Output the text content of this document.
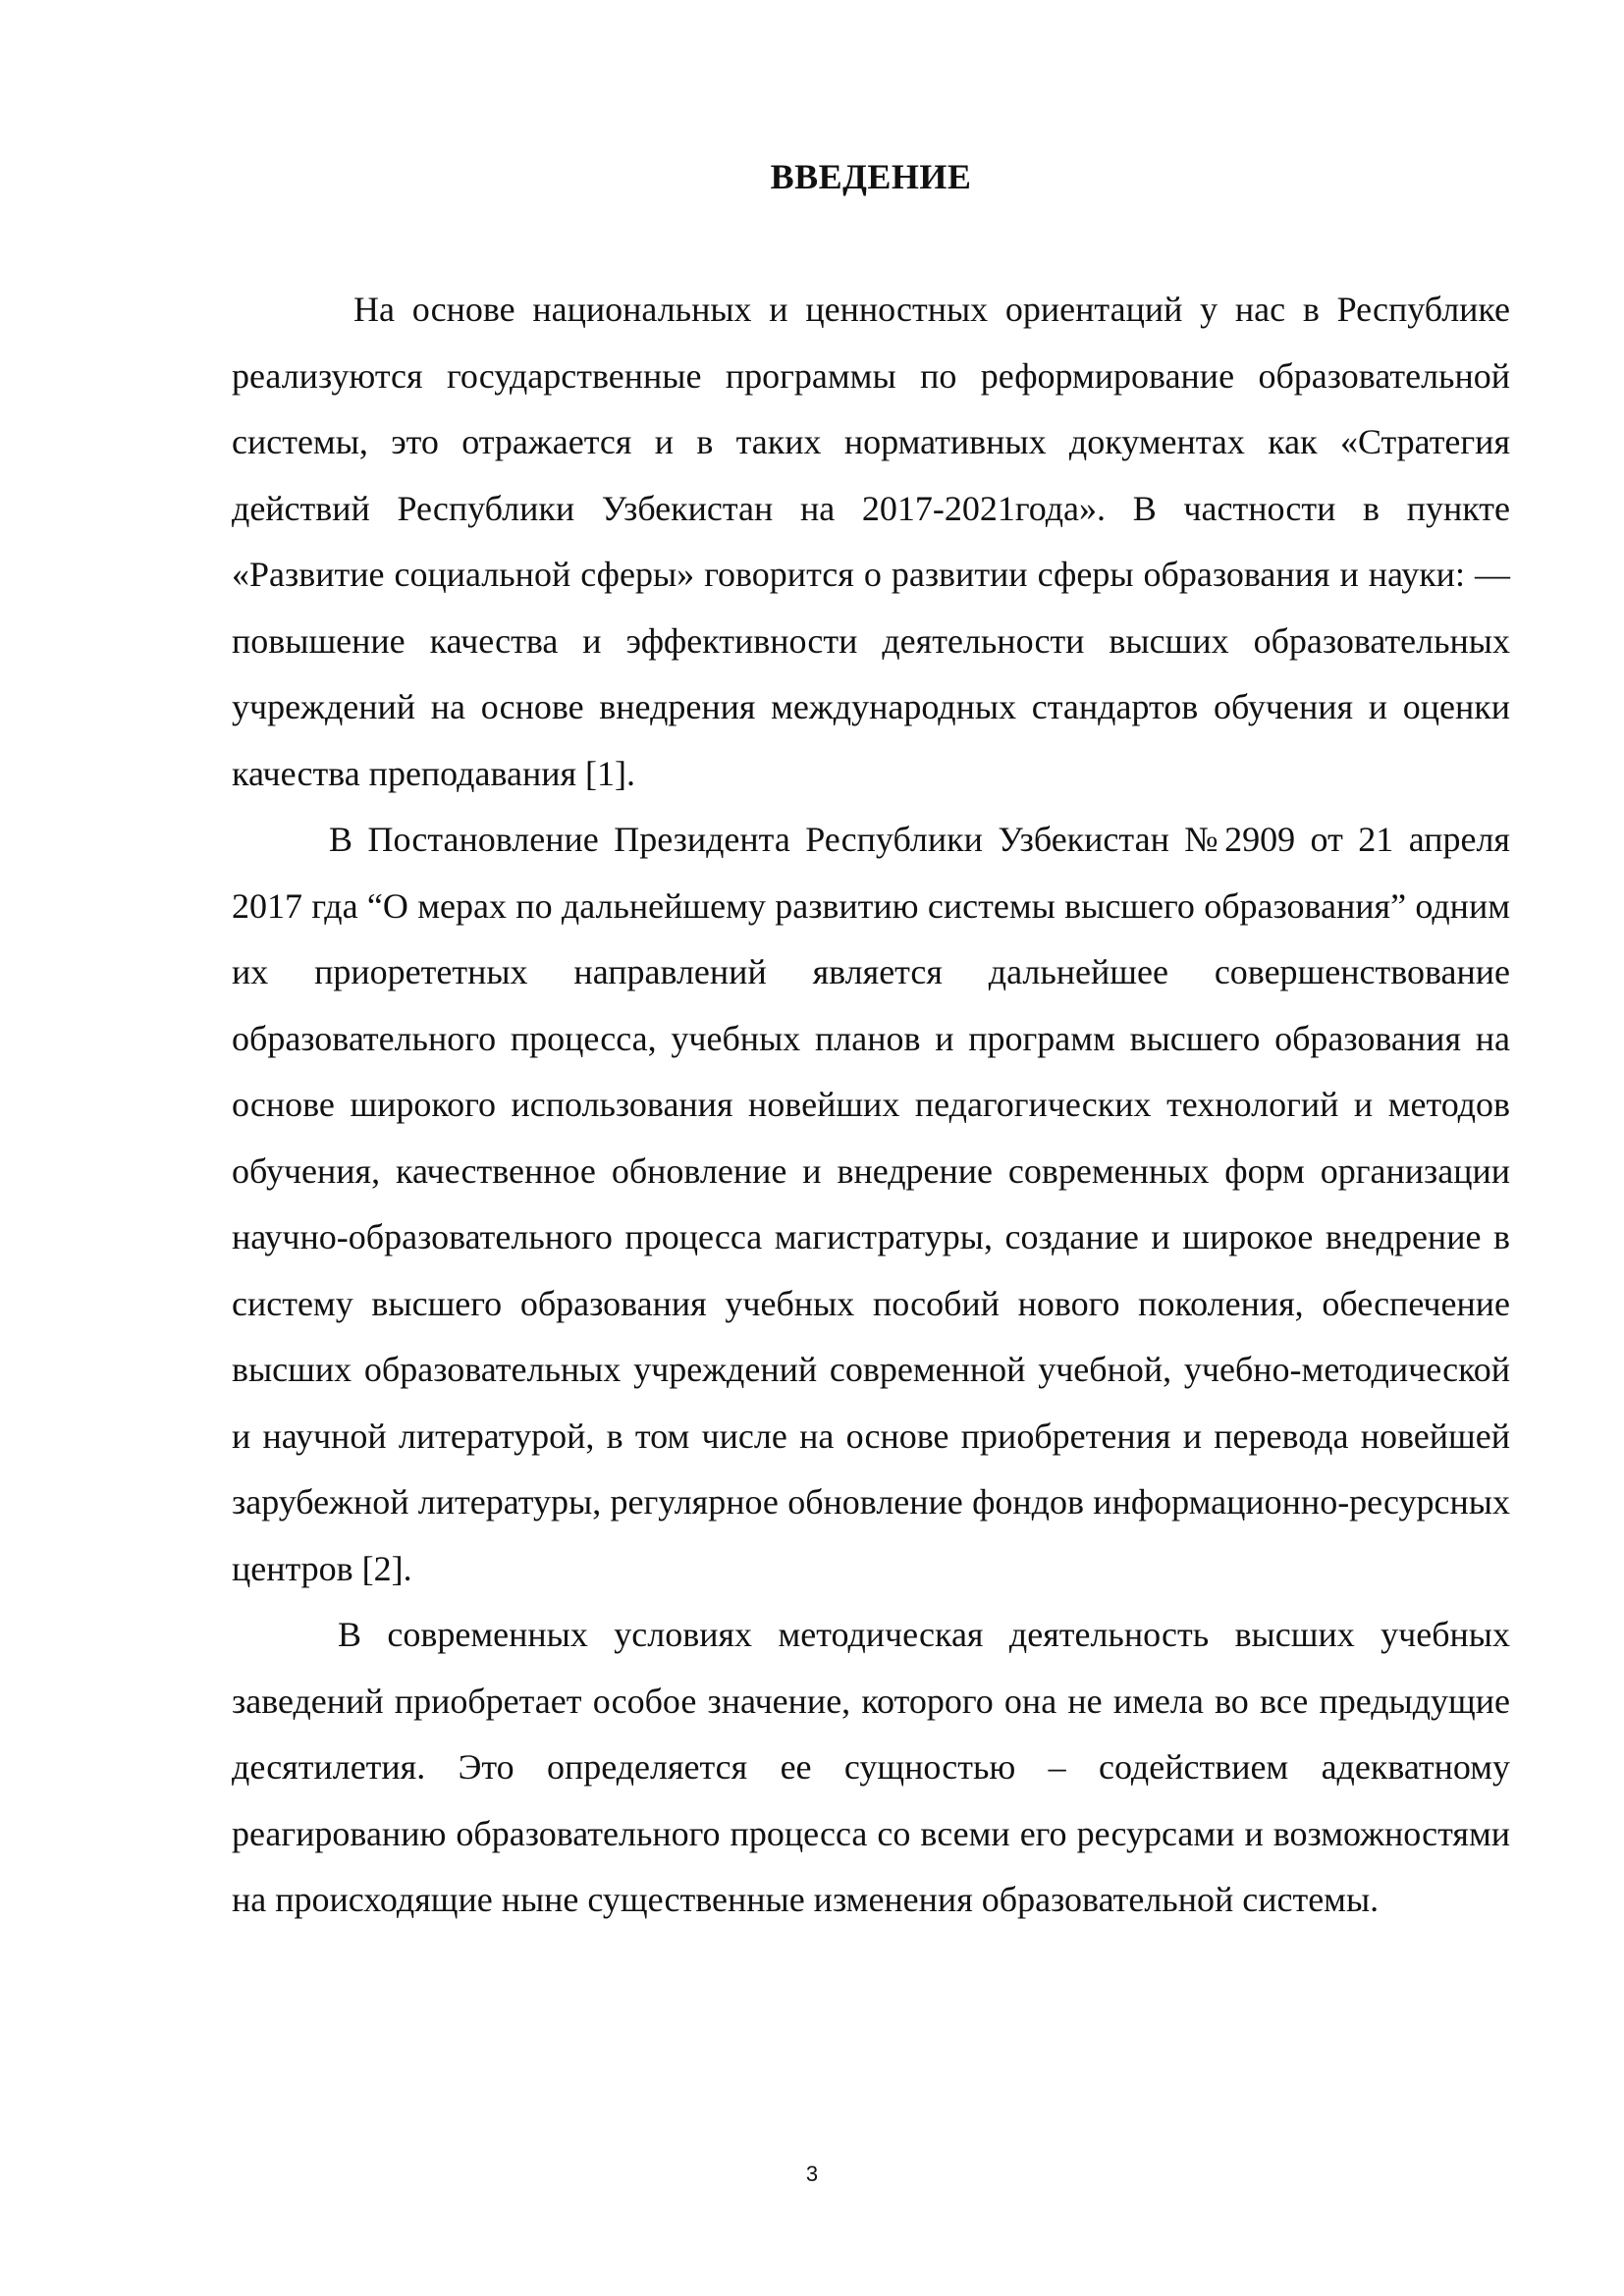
ВВЕДЕНИЕ

На основе национальных и ценностных ориентаций у нас в Республике реализуются государственные программы по реформирование образовательной системы, это отражается и в таких нормативных документах как «Стратегия действий Республики Узбекистан на 2017-2021года». В частности в пункте «Развитие социальной сферы» говорится о развитии сферы образования и науки: — повышение качества и эффективности деятельности высших образовательных учреждений на основе внедрения международных стандартов обучения и оценки качества преподавания [1].

В Постановление Президента Республики Узбекистан №2909 от 21 апреля 2017 гда “О мерах по дальнейшему развитию системы высшего образования” одним их приорететных направлений является дальнейшее совершенствование образовательного процесса, учебных планов и программ высшего образования на основе широкого использования новейших педагогических технологий и методов обучения, качественное обновление и внедрение современных форм организации научно-образовательного процесса магистратуры, создание и широкое внедрение в систему высшего образования учебных пособий нового поколения, обеспечение высших образовательных учреждений современной учебной, учебно-методической и научной литературой, в том числе на основе приобретения и перевода новейшей зарубежной литературы, регулярное обновление фондов информационно-ресурсных центров [2].

В современных условиях методическая деятельность высших учебных заведений приобретает особое значение, которого она не имела во все предыдущие десятилетия. Это определяется ее сущностью – содействием адекватному реагированию образовательного процесса со всеми его ресурсами и возможностями на происходящие ныне существенные изменения образовательной системы.

3
